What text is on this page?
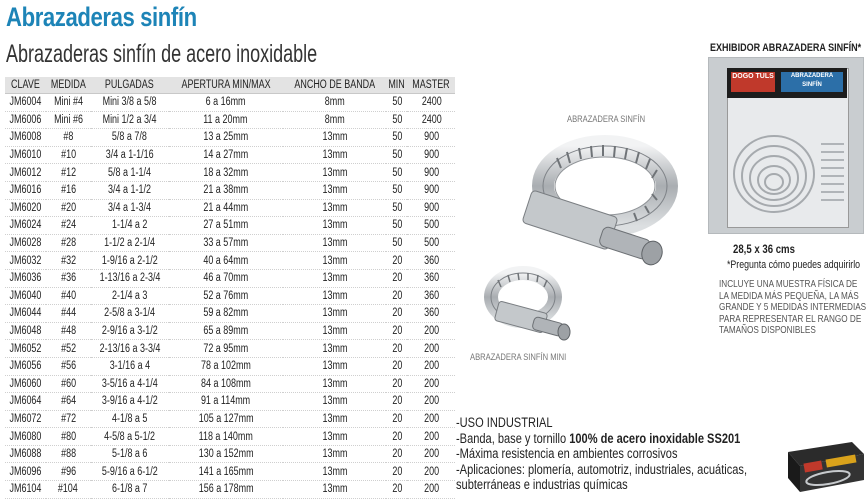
Abrazaderas sinfín
Abrazaderas sinfín de acero inoxidable
CLAVE	MEDIDA	PULGADAS	APERTURA MIN/MAX	ANCHO DE BANDA	MIN	MASTER
JM6004	Mini #4	Mini 3/8 a 5/8	6 a 16mm	8mm	50	2400
JM6006	Mini #6	Mini 1/2 a 3/4	11 a 20mm	8mm	50	2400
JM6008	#8	5/8 a 7/8	13 a 25mm	13mm	50	900
JM6010	#10	3/4 a 1-1/16	14 a 27mm	13mm	50	900
JM6012	#12	5/8 a 1-1/4	18 a 32mm	13mm	50	900
JM6016	#16	3/4 a 1-1/2	21 a 38mm	13mm	50	900
JM6020	#20	3/4 a 1-3/4	21 a 44mm	13mm	50	900
JM6024	#24	1-1/4 a 2	27 a 51mm	13mm	50	500
JM6028	#28	1-1/2 a 2-1/4	33 a 57mm	13mm	50	500
JM6032	#32	1-9/16 a 2-1/2	40 a 64mm	13mm	20	360
JM6036	#36	1-13/16 a 2-3/4	46 a 70mm	13mm	20	360
JM6040	#40	2-1/4 a 3	52 a 76mm	13mm	20	360
JM6044	#44	2-5/8 a 3-1/4	59 a 82mm	13mm	20	360
JM6048	#48	2-9/16 a 3-1/2	65 a 89mm	13mm	20	200
JM6052	#52	2-13/16 a 3-3/4	72 a 95mm	13mm	20	200
JM6056	#56	3-1/16 a 4	78 a 102mm	13mm	20	200
JM6060	#60	3-5/16 a 4-1/4	84 a 108mm	13mm	20	200
JM6064	#64	3-9/16 a 4-1/2	91 a 114mm	13mm	20	200
JM6072	#72	4-1/8 a 5	105 a 127mm	13mm	20	200
JM6080	#80	4-5/8 a 5-1/2	118 a 140mm	13mm	20	200
JM6088	#88	5-1/8 a 6	130 a 152mm	13mm	20	200
JM6096	#96	5-9/16 a 6-1/2	141 a 165mm	13mm	20	200
JM6104	#104	6-1/8 a 7	156 a 178mm	13mm	20	200
ABRAZADERA SINFÍN
ABRAZADERA SINFÍN MINI
-USO INDUSTRIAL
-Banda, base y tornillo 100% de acero inoxidable SS201
-Máxima resistencia en ambientes corrosivos
-Aplicaciones: plomería, automotriz, industriales, acuáticas,
subterráneas e industrias químicas
EXHIBIDOR ABRAZADERA SINFÍN*
DOGO TULS	ABRAZADERA SINFÍN
28,5 x 36 cms
*Pregunta cómo puedes adquirirlo
INCLUYE UNA MUESTRA FÍSICA DE
LA MEDIDA MÁS PEQUEÑA, LA MÁS
GRANDE Y 5 MEDIDAS INTERMEDIAS
PARA REPRESENTAR EL RANGO DE
TAMAÑOS DISPONIBLES
